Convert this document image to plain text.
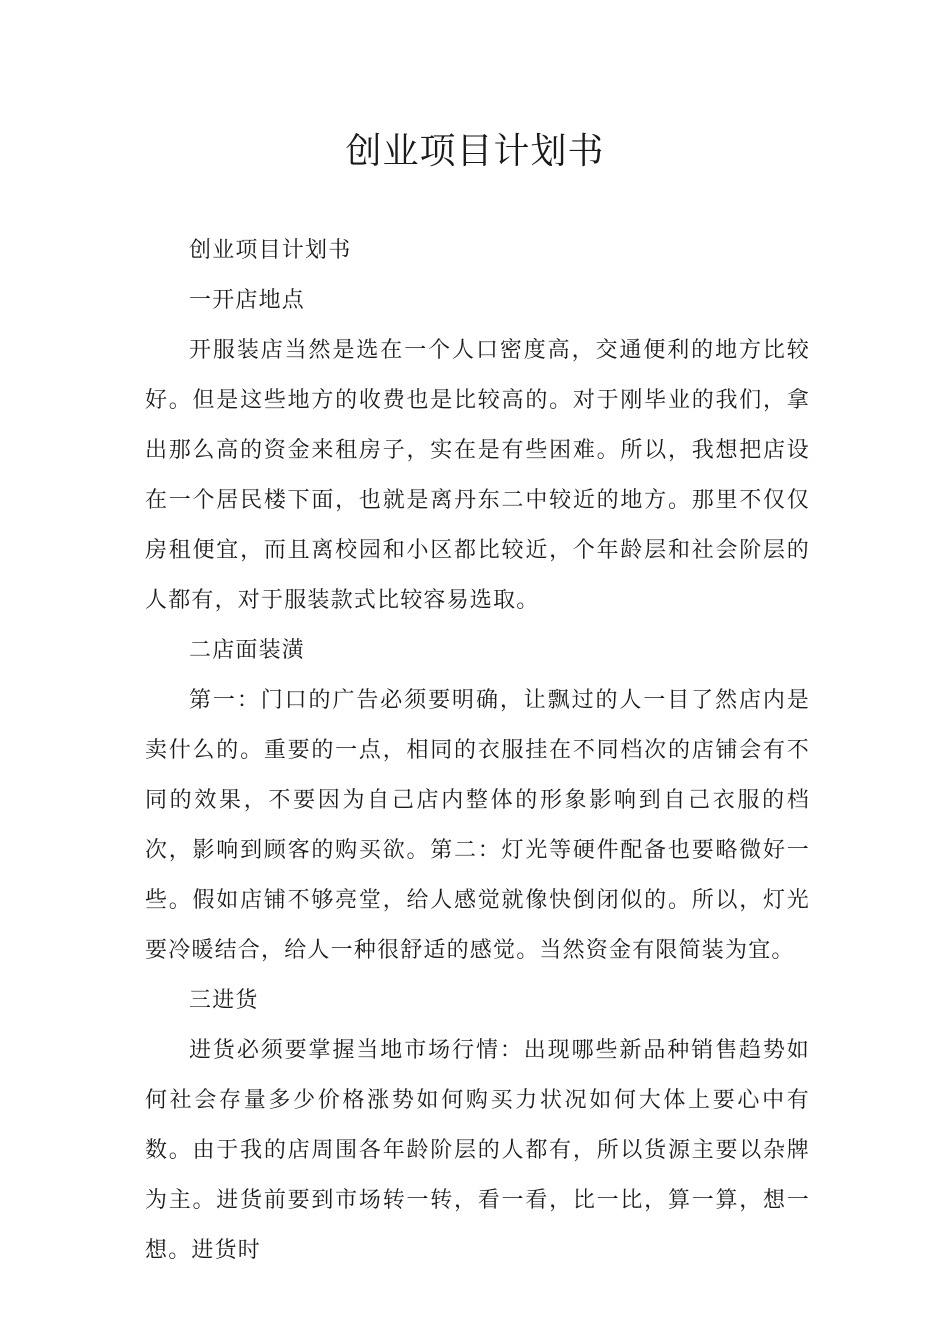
创业项目计划书

创业项目计划书

一开店地点

开服装店当然是选在一个人口密度高，交通便利的地方比较好。但是这些地方的收费也是比较高的。对于刚毕业的我们，拿出那么高的资金来租房子，实在是有些困难。所以，我想把店设在一个居民楼下面，也就是离丹东二中较近的地方。那里不仅仅房租便宜，而且离校园和小区都比较近，个年龄层和社会阶层的人都有，对于服装款式比较容易选取。

二店面装潢

第一：门口的广告必须要明确，让飘过的人一目了然店内是卖什么的。重要的一点，相同的衣服挂在不同档次的店铺会有不同的效果，不要因为自己店内整体的形象影响到自己衣服的档次，影响到顾客的购买欲。第二：灯光等硬件配备也要略微好一些。假如店铺不够亮堂，给人感觉就像快倒闭似的。所以，灯光要冷暖结合，给人一种很舒适的感觉。当然资金有限简装为宜。

三进货

进货必须要掌握当地市场行情：出现哪些新品种销售趋势如何社会存量多少价格涨势如何购买力状况如何大体上要心中有数。由于我的店周围各年龄阶层的人都有，所以货源主要以杂牌为主。进货前要到市场转一转，看一看，比一比，算一算，想一想。进货时
